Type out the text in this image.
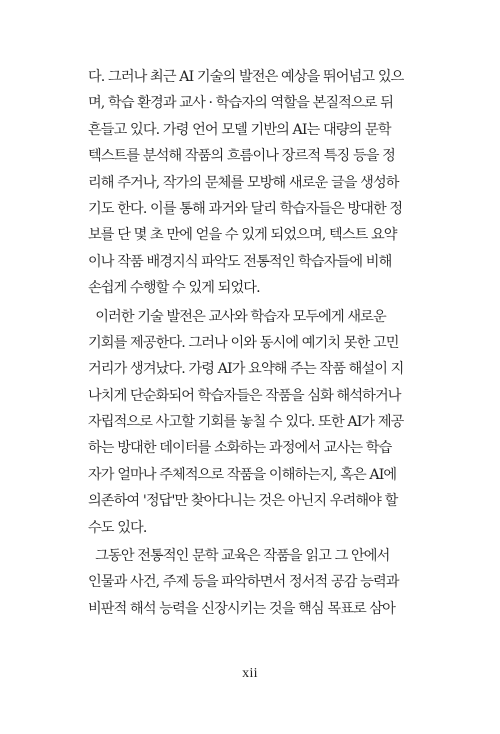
다. 그러나 최근 AI 기술의 발전은 예상을 뛰어넘고 있으
며, 학습 환경과 교사 · 학습자의 역할을 본질적으로 뒤
흔들고 있다. 가령 언어 모델 기반의 AI는 대량의 문학
텍스트를 분석해 작품의 흐름이나 장르적 특징 등을 정
리해 주거나, 작가의 문체를 모방해 새로운 글을 생성하
기도 한다. 이를 통해 과거와 달리 학습자들은 방대한 정
보를 단 몇 초 만에 얻을 수 있게 되었으며, 텍스트 요약
이나 작품 배경지식 파악도 전통적인 학습자들에 비해
손쉽게 수행할 수 있게 되었다.
이러한 기술 발전은 교사와 학습자 모두에게 새로운
기회를 제공한다. 그러나 이와 동시에 예기치 못한 고민
거리가 생겨났다. 가령 AI가 요약해 주는 작품 해설이 지
나치게 단순화되어 학습자들은 작품을 심화 해석하거나
자립적으로 사고할 기회를 놓칠 수 있다. 또한 AI가 제공
하는 방대한 데이터를 소화하는 과정에서 교사는 학습
자가 얼마나 주체적으로 작품을 이해하는지, 혹은 AI에
의존하여 '정답'만 찾아다니는 것은 아닌지 우려해야 할
수도 있다.
그동안 전통적인 문학 교육은 작품을 읽고 그 안에서
인물과 사건, 주제 등을 파악하면서 정서적 공감 능력과
비판적 해석 능력을 신장시키는 것을 핵심 목표로 삼아
xii
